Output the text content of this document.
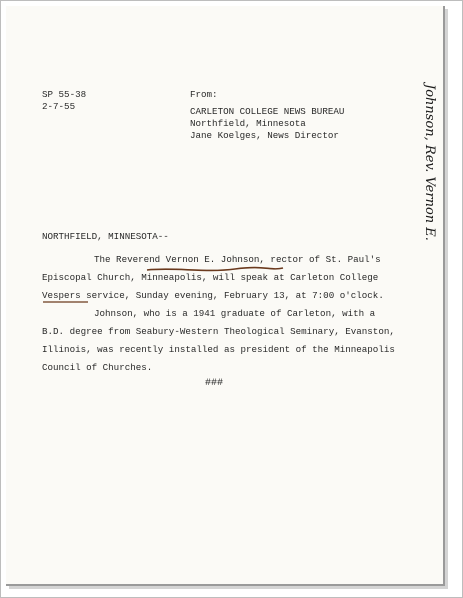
SP 55-38
2-7-55
From:
CARLETON COLLEGE NEWS BUREAU
Northfield, Minnesota
Jane Koelges, News Director	Johnson, Rev. Vernon E.
NORTHFIELD, MINNESOTA--
The Reverend Vernon E. Johnson, rector of St. Paul's
Episcopal Church, Minneapolis, will speak at Carleton College
Vespers service, Sunday evening, February 13, at 7:00 o'clock.
Johnson, who is a 1941 graduate of Carleton, with a
B.D. degree from Seabury-Western Theological Seminary, Evanston,
Illinois, was recently installed as president of the Minneapolis
Council of Churches.
###
